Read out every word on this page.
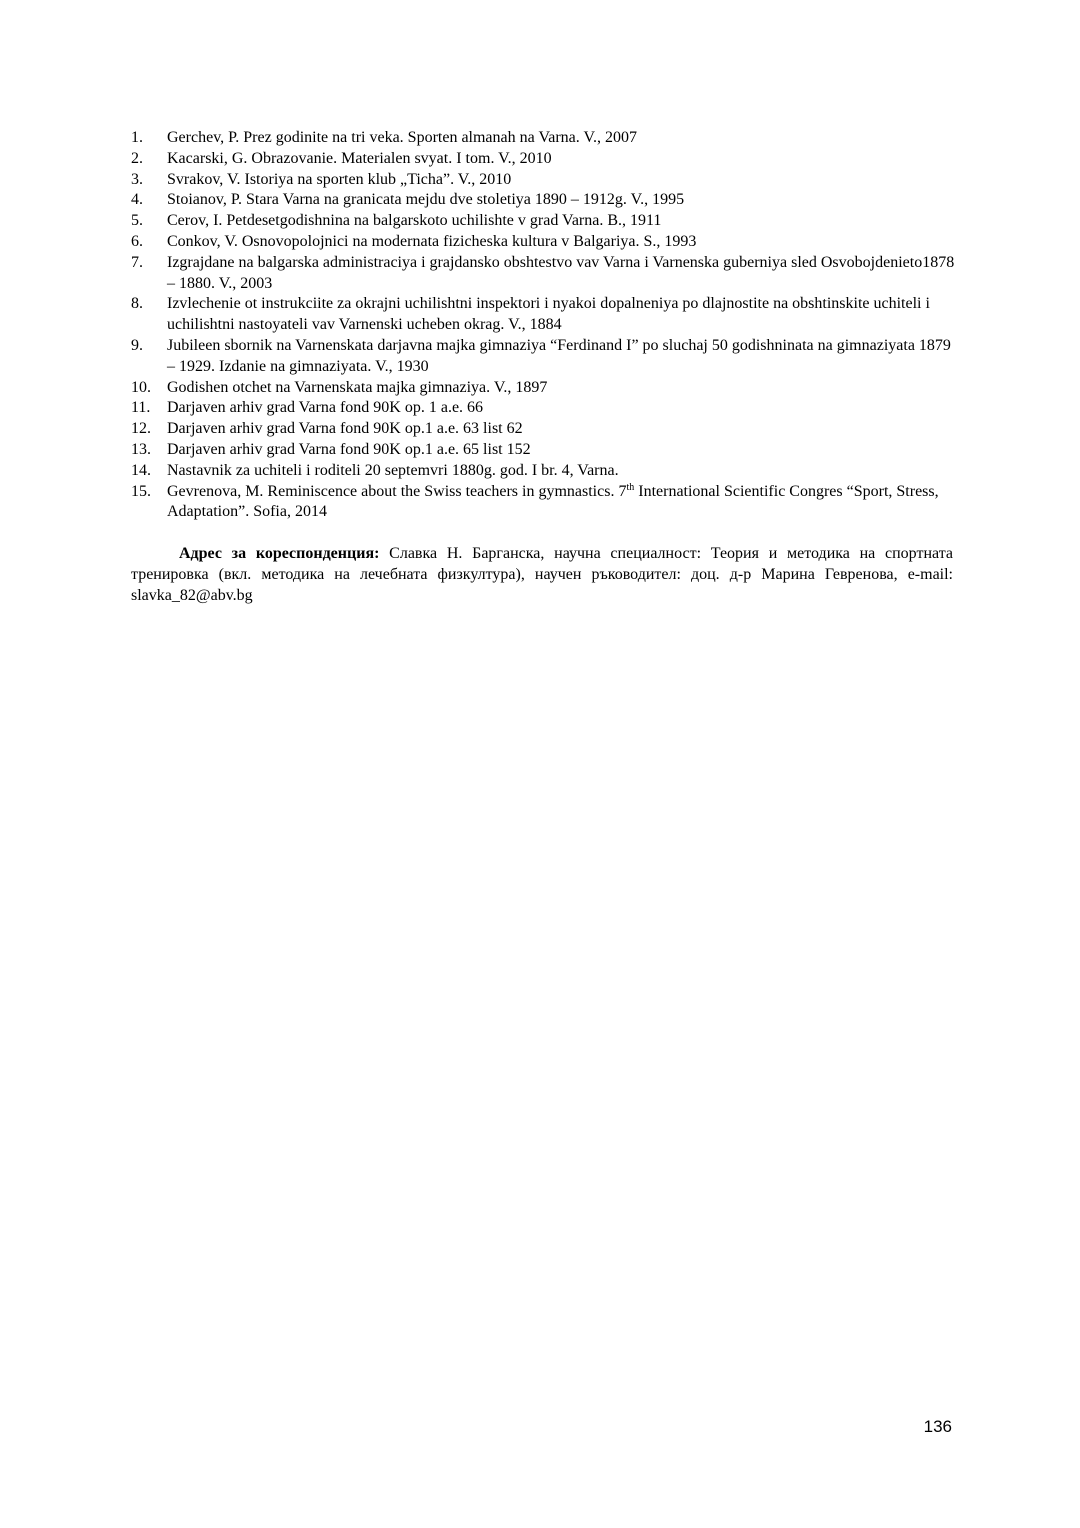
1. Gerchev, P. Prez godinite na tri veka. Sporten almanah na Varna. V., 2007
2. Kacarski, G. Obrazovanie. Materialen svyat. I tom. V., 2010
3. Svrakov, V. Istoriya na sporten klub „Ticha”. V., 2010
4. Stoianov, P. Stara Varna na granicata mejdu dve stoletiya 1890 – 1912g. V., 1995
5. Cerov, I. Petdesetgodishnina na balgarskoto uchilishte v grad Varna. B., 1911
6. Conkov, V. Osnovopolojnici na modernata fizicheska kultura v Balgariya. S., 1993
7. Izgrajdane na balgarska administraciya i grajdansko obshtestvo vav Varna i Varnenska guberniya sled Osvobojdenieto1878 – 1880. V., 2003
8. Izvlechenie ot instrukciite za okrajni uchilishtni inspektori i nyakoi dopalneniya po dlajnostite na obshtinskite uchiteli i uchilishtni nastoyateli vav Varnenski ucheben okrag. V., 1884
9. Jubileen sbornik na Varnenskata darjavna majka gimnaziya “Ferdinand I” po sluchaj 50 godishninata na gimnaziyata 1879 – 1929. Izdanie na gimnaziyata. V., 1930
10. Godishen otchet na Varnenskata majka gimnaziya. V., 1897
11. Darjaven arhiv grad Varna fond 90K op. 1 a.e. 66
12. Darjaven arhiv grad Varna fond 90K op.1 a.e. 63 list 62
13. Darjaven arhiv grad Varna fond 90K op.1 a.e. 65 list 152
14. Nastavnik za uchiteli i roditeli 20 septemvri 1880g. god. I br. 4, Varna.
15. Gevrenova, M. Reminiscence about the Swiss teachers in gymnastics. 7th International Scientific Congres “Sport, Stress, Adaptation”. Sofia, 2014

Адрес за кореспонденция: Славка Н. Барганска, научна специалност: Теория и методика на спортната тренировка (вкл. методика на лечебната физкултура), научен ръководител: доц. д-р Марина Гевренова, e-mail: slavka_82@abv.bg

136
